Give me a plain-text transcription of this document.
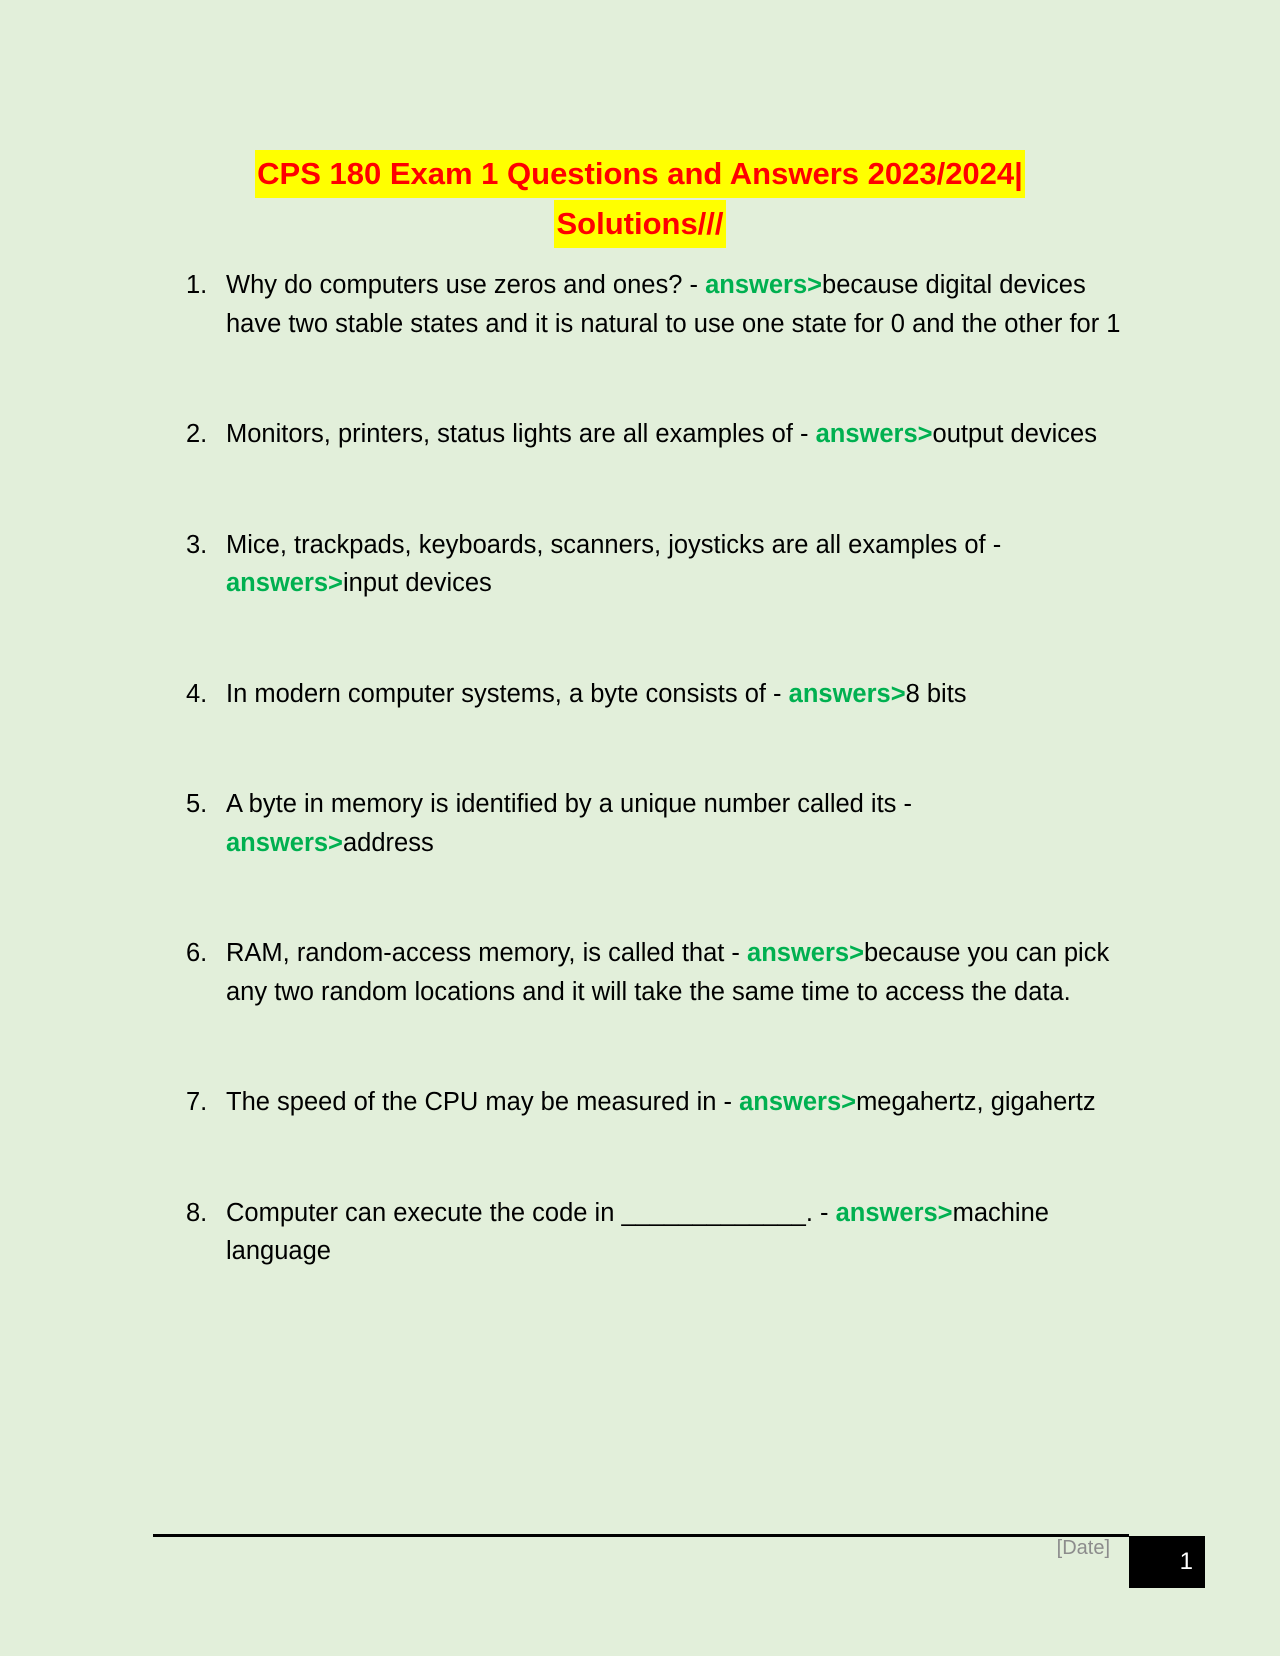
CPS 180 Exam 1 Questions and Answers 2023/2024|
Solutions///
1. Why do computers use zeros and ones? - answers>because digital devices have two stable states and it is natural to use one state for 0 and the other for 1
2. Monitors, printers, status lights are all examples of - answers>output devices
3. Mice, trackpads, keyboards, scanners, joysticks are all examples of - answers>input devices
4. In modern computer systems, a byte consists of - answers>8 bits
5. A byte in memory is identified by a unique number called its - answers>address
6. RAM, random-access memory, is called that - answers>because you can pick any two random locations and it will take the same time to access the data.
7. The speed of the CPU may be measured in - answers>megahertz, gigahertz
8. Computer can execute the code in _____________. - answers>machine language
[Date]	1
